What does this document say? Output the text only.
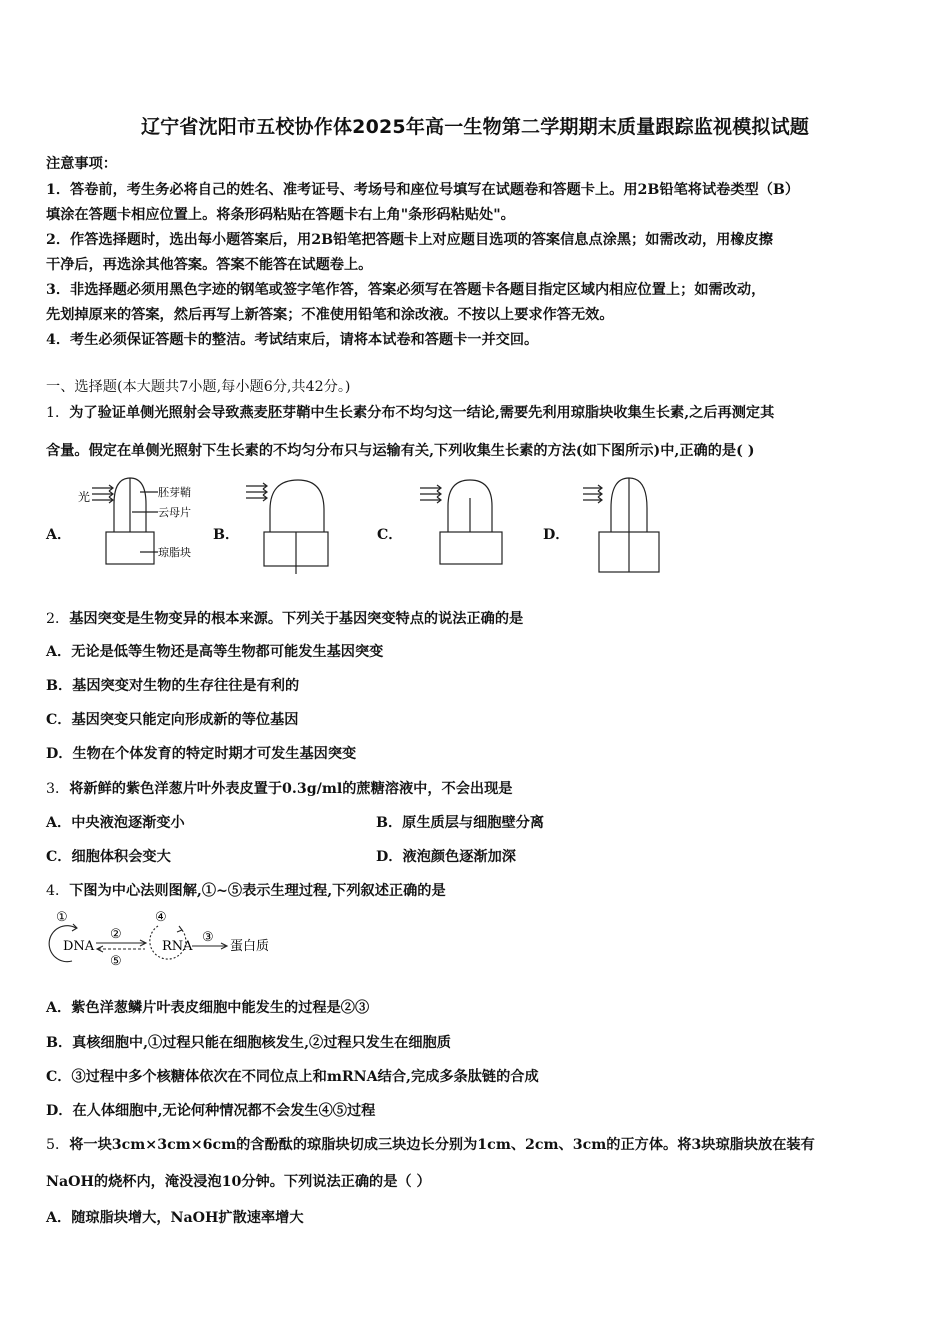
辽宁省沈阳市五校协作体2025年高一生物第二学期期末质量跟踪监视模拟试题
注意事项：
1．答卷前，考生务必将自己的姓名、准考证号、考场号和座位号填写在试题卷和答题卡上。用2B铅笔将试卷类型（B）
填涂在答题卡相应位置上。将条形码粘贴在答题卡右上角"条形码粘贴处"。
2．作答选择题时，选出每小题答案后，用2B铅笔把答题卡上对应题目选项的答案信息点涂黑；如需改动，用橡皮擦
干净后，再选涂其他答案。答案不能答在试题卷上。
3．非选择题必须用黑色字迹的钢笔或签字笔作答，答案必须写在答题卡各题目指定区域内相应位置上；如需改动，
先划掉原来的答案，然后再写上新答案；不准使用铅笔和涂改液。不按以上要求作答无效。
4．考生必须保证答题卡的整洁。考试结束后，请将本试卷和答题卡一并交回。
一、选择题(本大题共7小题,每小题6分,共42分。)
1．为了验证单侧光照射会导致燕麦胚芽鞘中生长素分布不均匀这一结论,需要先利用琼脂块收集生长素,之后再测定其
含量。假定在单侧光照射下生长素的不均匀分布只与运输有关,下列收集生长素的方法(如下图所示)中,正确的是( )
A．	B．	C．	D．
光	胚芽鞘
云母片
琼脂块
2．基因突变是生物变异的根本来源。下列关于基因突变特点的说法正确的是
A．无论是低等生物还是高等生物都可能发生基因突变
B．基因突变对生物的生存往往是有利的
C．基因突变只能定向形成新的等位基因
D．生物在个体发育的特定时期才可发生基因突变
3．将新鲜的紫色洋葱片叶外表皮置于0.3g/ml的蔗糖溶液中，不会出现是
A．中央液泡逐渐变小	B．原生质层与细胞壁分离
C．细胞体积会变大	D．液泡颜色逐渐加深
4．下图为中心法则图解,①~⑤表示生理过程,下列叙述正确的是
①	④
DNA	RNA	蛋白质
②
⑤
③
A．紫色洋葱鳞片叶表皮细胞中能发生的过程是②③
B．真核细胞中,①过程只能在细胞核发生,②过程只发生在细胞质
C．③过程中多个核糖体依次在不同位点上和mRNA结合,完成多条肽链的合成
D．在人体细胞中,无论何种情况都不会发生④⑤过程
5．将一块3cm×3cm×6cm的含酚酞的琼脂块切成三块边长分别为1cm、2cm、3cm的正方体。将3块琼脂块放在装有
NaOH的烧杯内，淹没浸泡10分钟。下列说法正确的是（ ）
A．随琼脂块增大，NaOH扩散速率增大
